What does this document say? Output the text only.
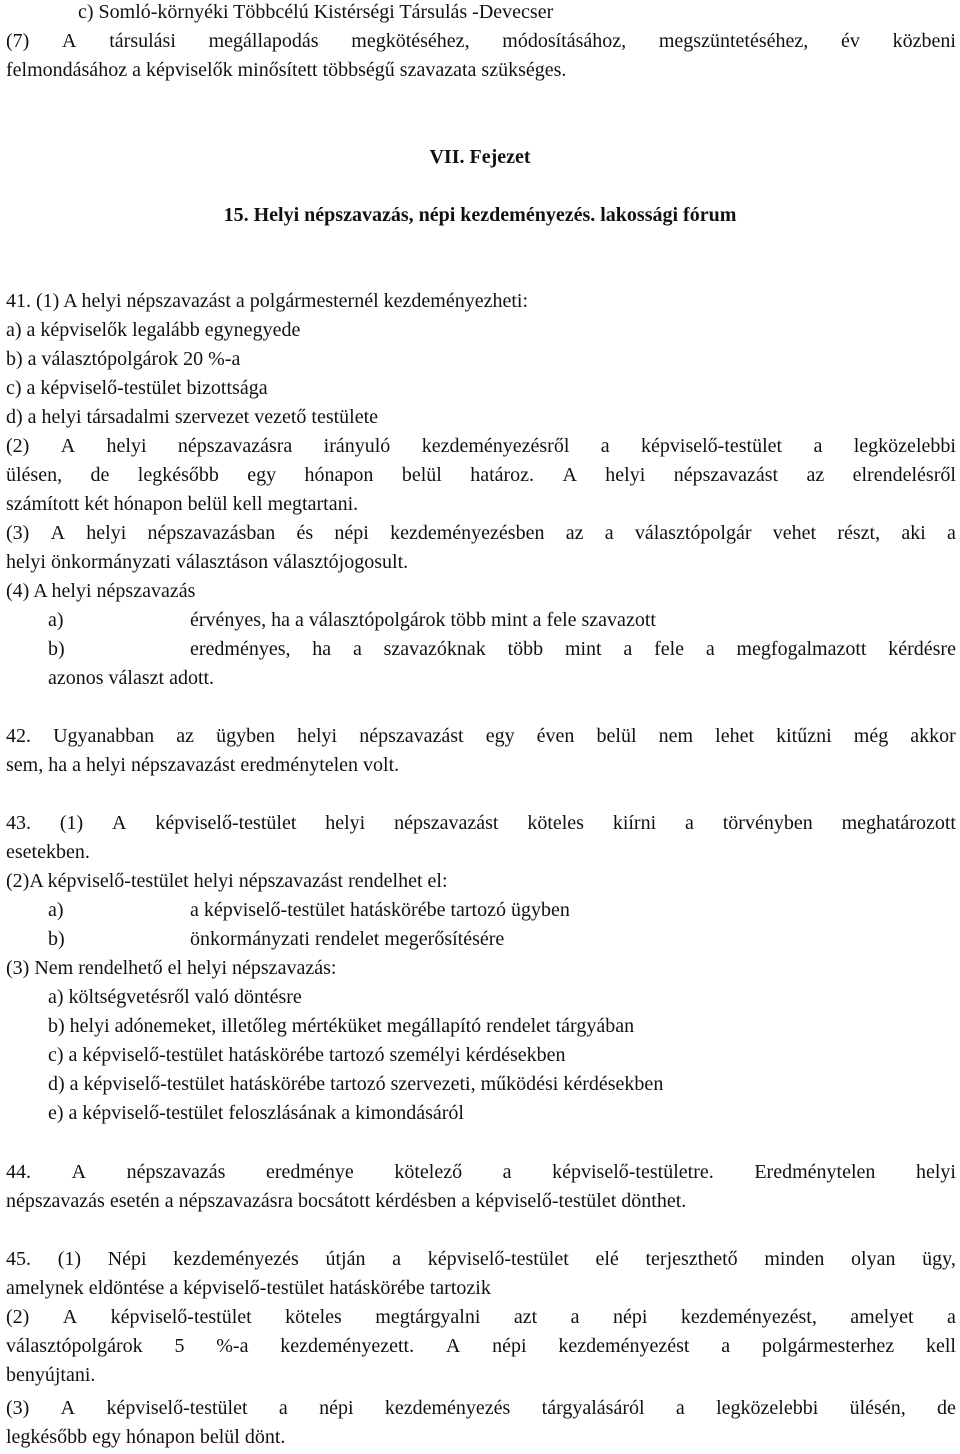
c) Somló-környéki Többcélú Kistérségi Társulás -Devecser
(7) A társulási megállapodás megkötéséhez, módosításához, megszüntetéséhez, év közbeni
felmondásához a képviselők minősített többségű szavazata szükséges.
VII. Fejezet
15. Helyi népszavazás, népi kezdeményezés. lakossági fórum
41. (1) A helyi népszavazást a polgármesternél kezdeményezheti:
a) a képviselők legalább egynegyede
b) a választópolgárok 20 %-a
c) a képviselő-testület bizottsága
d) a helyi társadalmi szervezet vezető testülete
(2) A helyi népszavazásra irányuló kezdeményezésről a képviselő-testület a legközelebbi
ülésen, de legkésőbb egy hónapon belül határoz. A helyi népszavazást az elrendelésről
számított két hónapon belül kell megtartani.
(3) A helyi népszavazásban és népi kezdeményezésben az a választópolgár vehet részt, aki a
helyi önkormányzati választáson választójogosult.
(4) A helyi népszavazás
a)	érvényes, ha a választópolgárok több mint a fele szavazott
b)	eredményes, ha a szavazóknak több mint a fele a megfogalmazott kérdésre
azonos választ adott.
42. Ugyanabban az ügyben helyi népszavazást egy éven belül nem lehet kitűzni még akkor
sem, ha a helyi népszavazást eredménytelen volt.
43. (1) A képviselő-testület helyi népszavazást köteles kiírni a törvényben meghatározott
esetekben.
(2)A képviselő-testület helyi népszavazást rendelhet el:
a)	a képviselő-testület hatáskörébe tartozó ügyben
b)	önkormányzati rendelet megerősítésére
(3) Nem rendelhető el helyi népszavazás:
a) költségvetésről való döntésre
b) helyi adónemeket, illetőleg mértéküket megállapító rendelet tárgyában
c) a képviselő-testület hatáskörébe tartozó személyi kérdésekben
d) a képviselő-testület hatáskörébe tartozó szervezeti, működési kérdésekben
e) a képviselő-testület feloszlásának a kimondásáról
44. A népszavazás eredménye kötelező a képviselő-testületre. Eredménytelen helyi
népszavazás esetén a népszavazásra bocsátott kérdésben a képviselő-testület dönthet.
45. (1) Népi kezdeményezés útján a képviselő-testület elé terjeszthető minden olyan ügy,
amelynek eldöntése a képviselő-testület hatáskörébe tartozik
(2) A képviselő-testület köteles megtárgyalni azt a népi kezdeményezést, amelyet a
választópolgárok 5 %-a kezdeményezett. A népi kezdeményezést a polgármesterhez kell
benyújtani.
(3) A képviselő-testület a népi kezdeményezés tárgyalásáról a legközelebbi ülésén, de
legkésőbb egy hónapon belül dönt.
